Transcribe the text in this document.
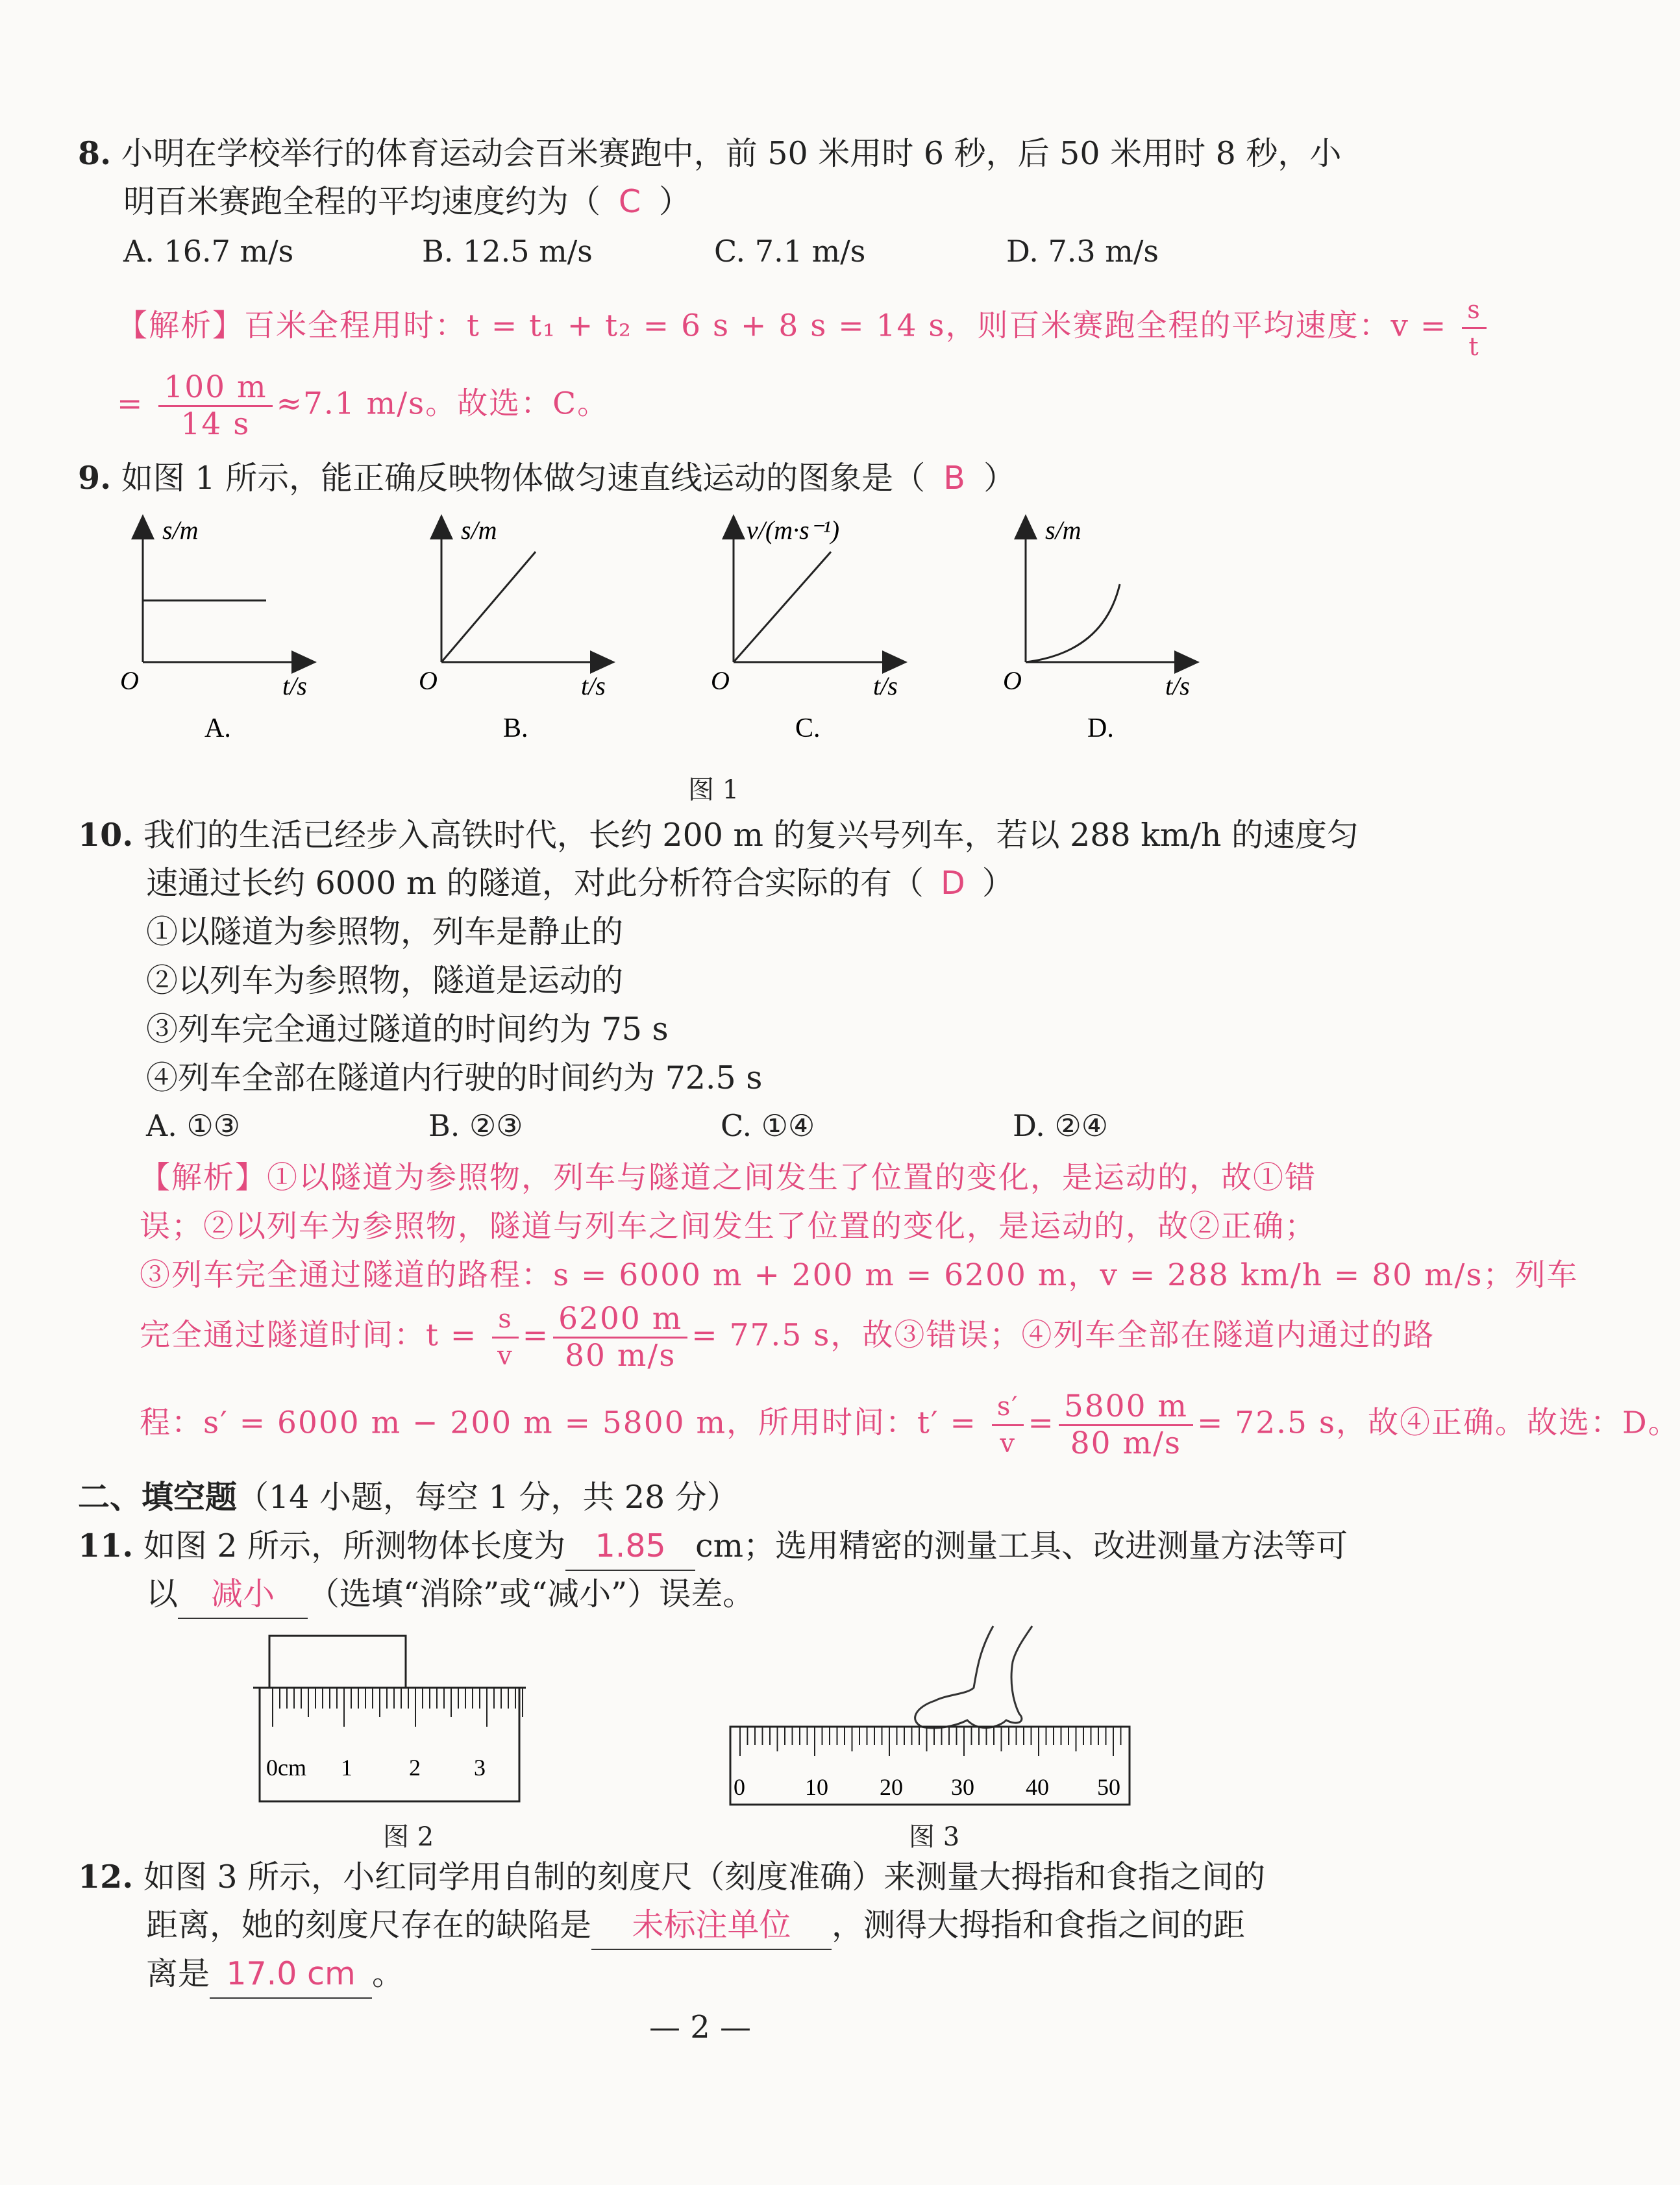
8. 小明在学校举行的体育运动会百米赛跑中，前 50 米用时 6 秒，后 50 米用时 8 秒，小
明百米赛跑全程的平均速度约为（ C ）
A. 16.7 m/s	B. 12.5 m/s	C. 7.1 m/s	D. 7.3 m/s
【解析】百米全程用时：t = t₁ + t₂ = 6 s + 8 s = 14 s，则百米赛跑全程的平均速度：$v = \frac{s}{t}$
= $\frac{100 m}{14 s} \approx 7.1$ m/s。故选：C。
9. 如图 1 所示，能正确反映物体做匀速直线运动的图象是（ B ）
s/m
O	t/s
A.
s/m
O	t/s
B.
v/(m·s⁻¹)
O	t/s
C.
s/m
O	t/s
D.
图 1
10. 我们的生活已经步入高铁时代，长约 200 m 的复兴号列车，若以 288 km/h 的速度匀
速通过长约 6000 m 的隧道，对此分析符合实际的有（ D ）
①以隧道为参照物，列车是静止的
②以列车为参照物，隧道是运动的
③列车完全通过隧道的时间约为 75 s
④列车全部在隧道内行驶的时间约为 72.5 s
A. ①③	B. ②③	C. ①④	D. ②④
【解析】①以隧道为参照物，列车与隧道之间发生了位置的变化，是运动的，故①错
误；②以列车为参照物，隧道与列车之间发生了位置的变化，是运动的，故②正确；
③列车完全通过隧道的路程：s = 6000 m + 200 m = 6200 m，v = 288 km/h = 80 m/s；列车
完全通过隧道时间：$t = \frac{s}{v} = \frac{6200 m}{80 m/s} = 77.5$ s，故③错误；④列车全部在隧道内通过的路
程：s′ = 6000 m − 200 m = 5800 m，所用时间：$t' = \frac{s'}{v} = \frac{5800 m}{80 m/s} = 72.5$ s，故④正确。故选：D。
二、填空题（14 小题，每空 1 分，共 28 分）
11. 如图 2 所示，所测物体长度为 1.85 cm；选用精密的测量工具、改进测量方法等可
以 减小 （选填“消除”或“减小”）误差。
0cm 1 2 3
图 2
0	10 20 30 40 50
图 3
12. 如图 3 所示，小红同学用自制的刻度尺（刻度准确）来测量大拇指和食指之间的
距离，她的刻度尺存在的缺陷是 未标注单位 ，测得大拇指和食指之间的距
离是 17.0 cm 。
— 2 —
